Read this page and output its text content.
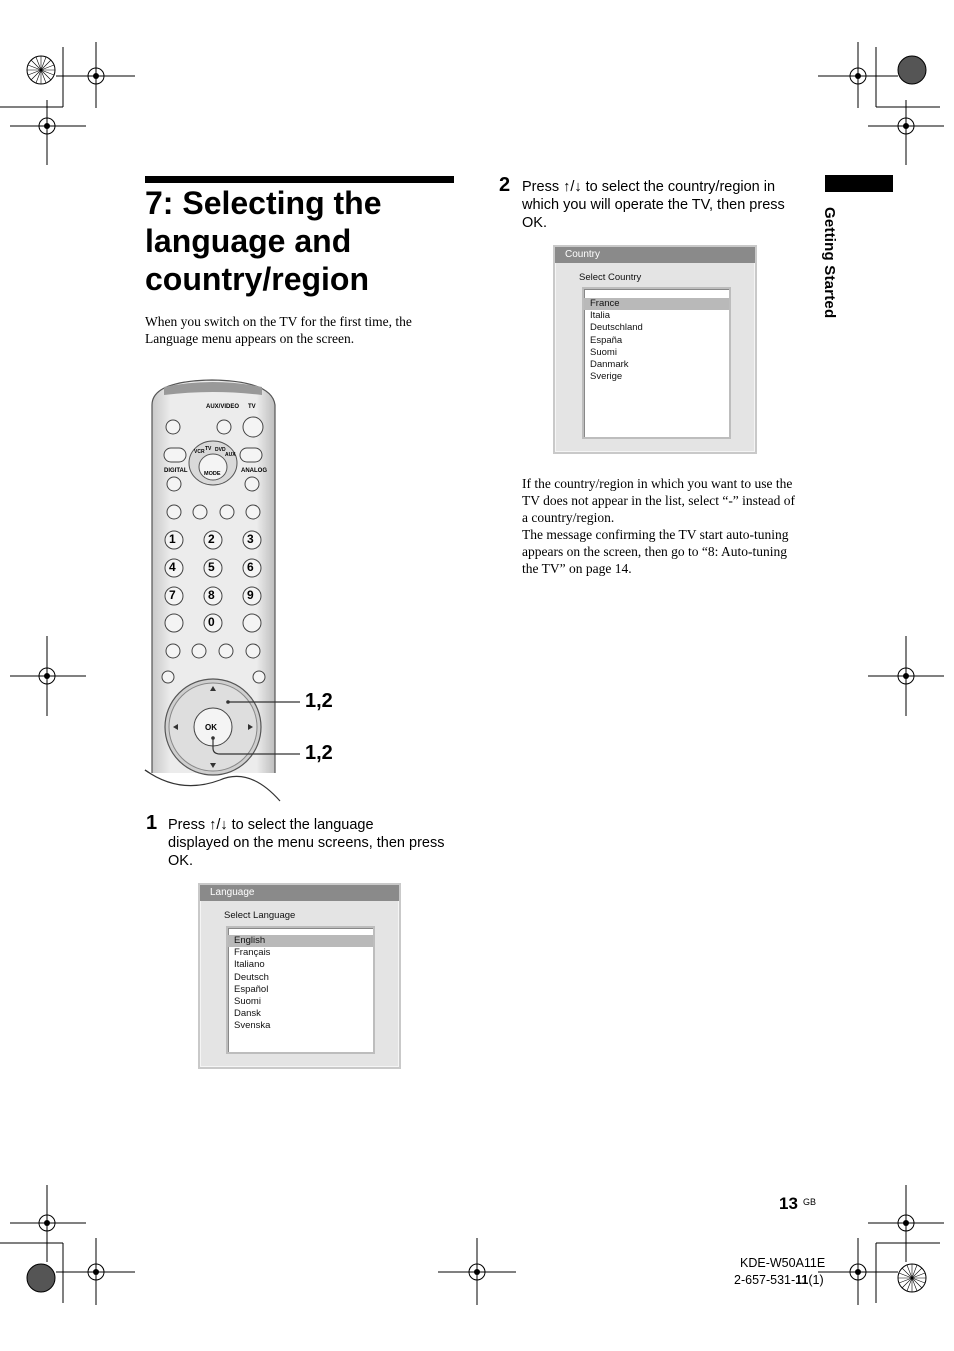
7: Selecting the
language and
country/region
When you switch on the TV for the first time, the
Language menu appears on the screen.
AUX/VIDEO TV
DIGITAL	MODE	ANALOG
VCR TV DVD
AUX
1	2	3
4	5	6
7	8	9
0
OK
1,2
1,2
1 Press ↑/↓ to select the language
displayed on the menu screens, then press
OK.
Language
Select Language
English
Français
Italiano
Deutsch
Español
Suomi
Dansk
Svenska
2 Press ↑/↓ to select the country/region in
which you will operate the TV, then press
OK.
Country
Select Country
France
Italia
Deutschland
España
Suomi
Danmark
Sverige
If the country/region in which you want to use the
TV does not appear in the list, select “-” instead of
a country/region.
The message confirming the TV start auto-tuning
appears on the screen, then go to “8: Auto-tuning
the TV” on page 14.
Getting Started
13 GB
KDE-W50A11E
2-657-531-11(1)
